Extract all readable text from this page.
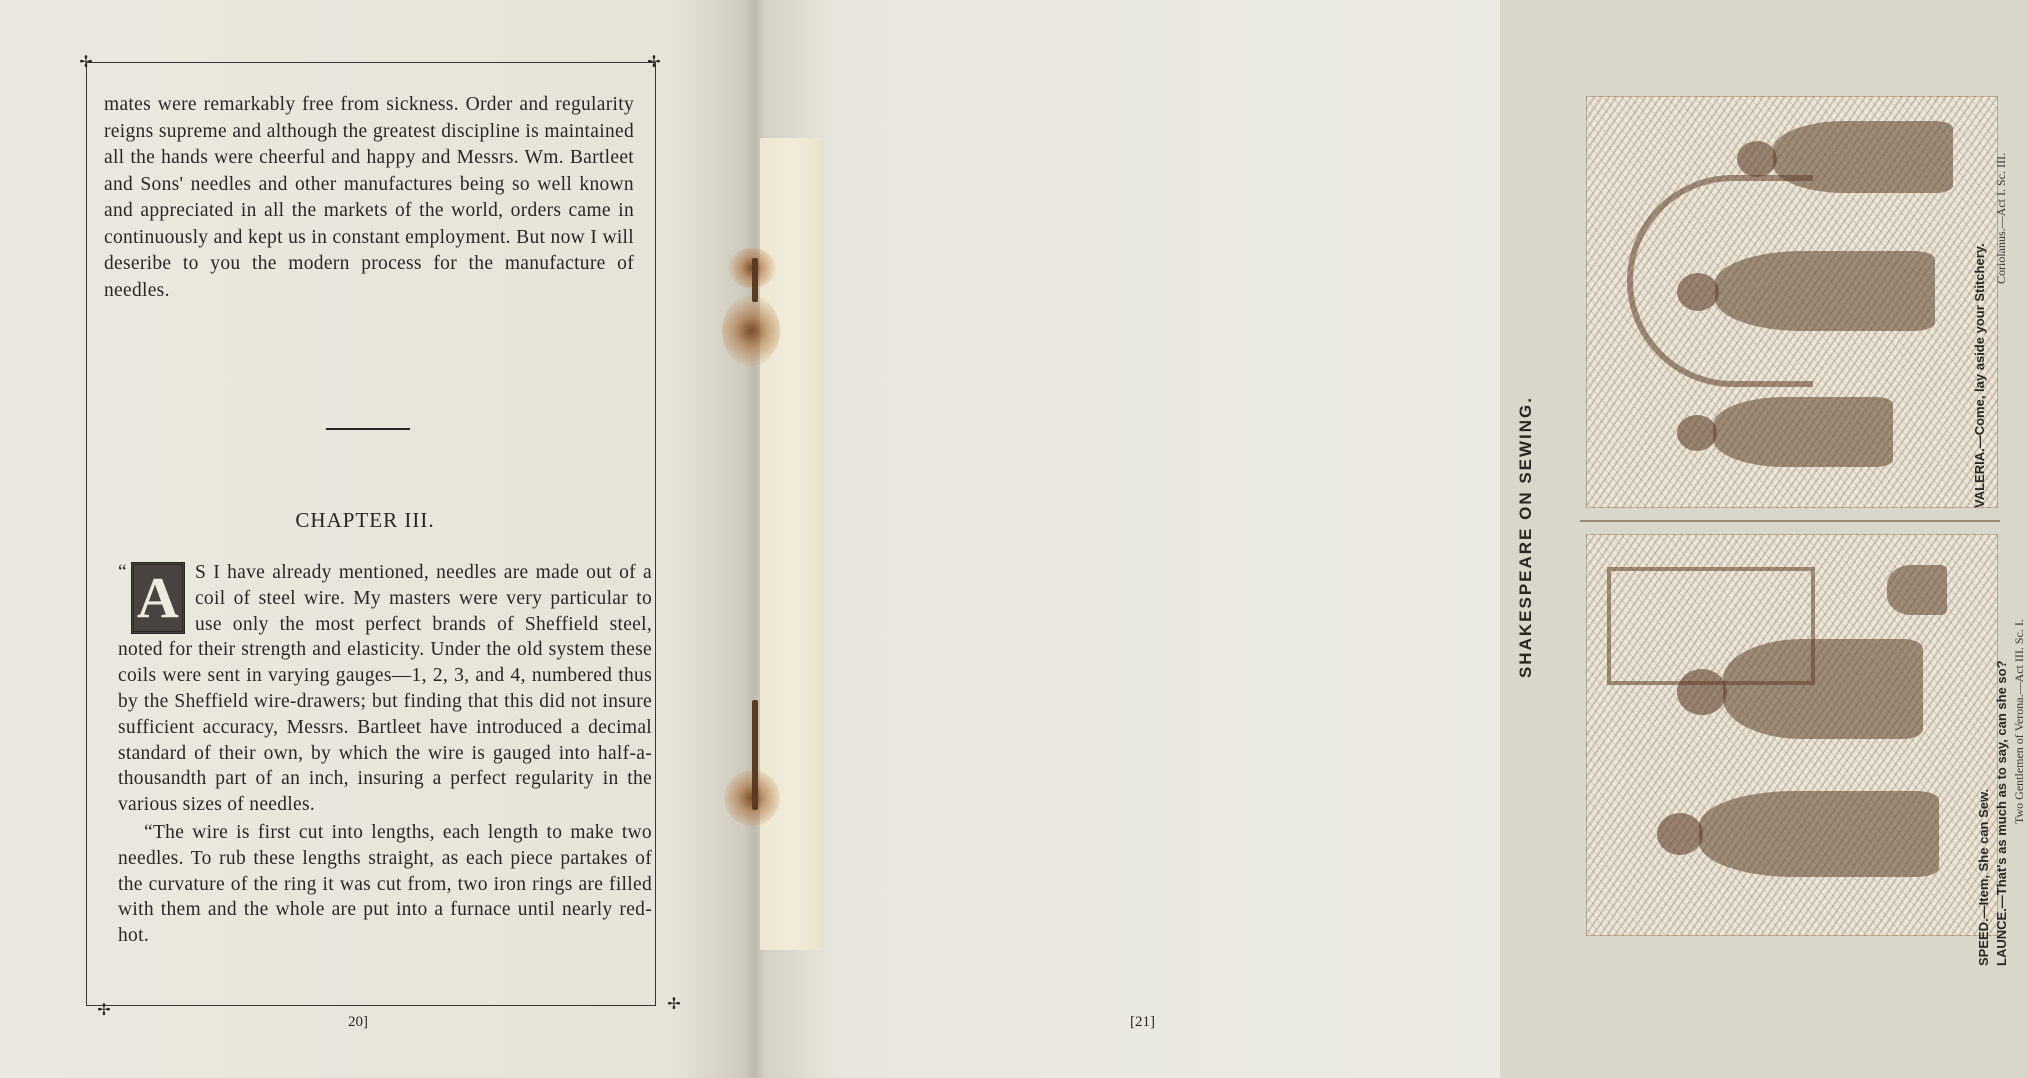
✢	✢
✢	✢
mates were remarkably free from sickness. Order and regularity reigns supreme and although the greatest discipline is maintained all the hands were cheerful and happy and Messrs. Wm. Bartleet and Sons' needles and other manufactures being so well known and appreciated in all the markets of the world, orders came in continuously and kept us in constant employment. But now I will deseribe to you the modern process for the manufacture of needles.
CHAPTER III.
“ A S I have already mentioned, needles are made out of a coil of steel wire. My masters were very particular to use only the most perfect brands of Sheffield steel, noted for their strength and elasticity. Under the old system these coils were sent in varying gauges—1, 2, 3, and 4, numbered thus by the Sheffield wire-drawers; but finding that this did not insure sufficient accuracy, Messrs. Bartleet have introduced a decimal standard of their own, by which the wire is gauged into half-a-thousandth part of an inch, insuring a perfect regularity in the various sizes of needles.
“The wire is first cut into lengths, each length to make two needles. To rub these lengths straight, as each piece partakes of the curvature of the ring it was cut from, two iron rings are filled with them and the whole are put into a furnace until nearly red-hot.
20]
SHAKESPEARE ON SEWING.
SPEED.—Item, She can Sew. LAUNCE.—That's as much as to say, can she so? Two Gentlemen of Verona.—Act III. Sc. I.
VALERIA.—Come, lay aside your Stitchery.
Coriolanus.—Act I. Sc. III.
[21]
